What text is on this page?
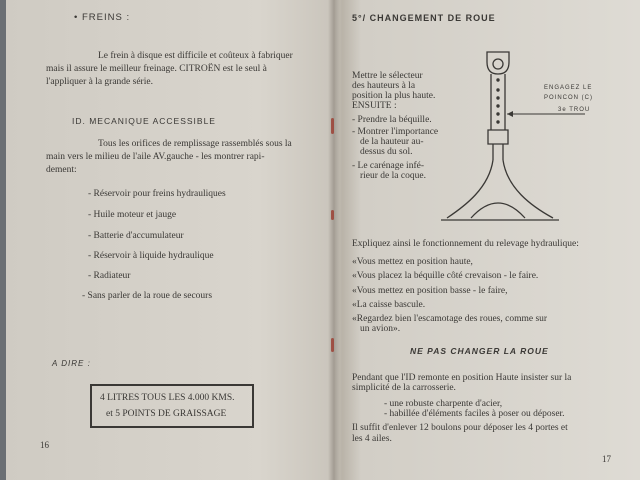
• FREINS :
Le frein à disque est difficile et coûteux à fabriquer
mais il assure le meilleur freinage. CITROËN est le seul à
l'appliquer à la grande série.
ID. MECANIQUE ACCESSIBLE
Tous les orifices de remplissage rassemblés sous la
main vers le milieu de l'aile AV.gauche - les montrer rapi-
dement:
- Réservoir pour freins hydrauliques
- Huile moteur et jauge
- Batterie d'accumulateur
- Réservoir à liquide hydraulique
- Radiateur
- Sans parler de la roue de secours
A DIRE :
4 LITRES TOUS LES 4.000 KMS.
et 5 POINTS DE GRAISSAGE
16
5°/ CHANGEMENT DE ROUE
Mettre le sélecteur
des hauteurs à la
position la plus haute.
ENSUITE :
- Prendre la béquille.
- Montrer l'importance
de la hauteur au-
dessus du sol.
- Le carénage infé-
rieur de la coque.
ENGAGEZ LE
POINCON (C)
3e TROU
Expliquez ainsi le fonctionnement du relevage hydraulique:
«Vous mettez en position haute,
«Vous placez la béquille côté crevaison - le faire.
«Vous mettez en position basse - le faire,
«La caisse bascule.
«Regardez bien l'escamotage des roues, comme sur
un avion».
NE PAS CHANGER LA ROUE
Pendant que l'ID remonte en position Haute insister sur la
simplicité de la carrosserie.
- une robuste charpente d'acier,
- habillée d'éléments faciles à poser ou déposer.
Il suffit d'enlever 12 boulons pour déposer les 4 portes et
les 4 ailes.
17
